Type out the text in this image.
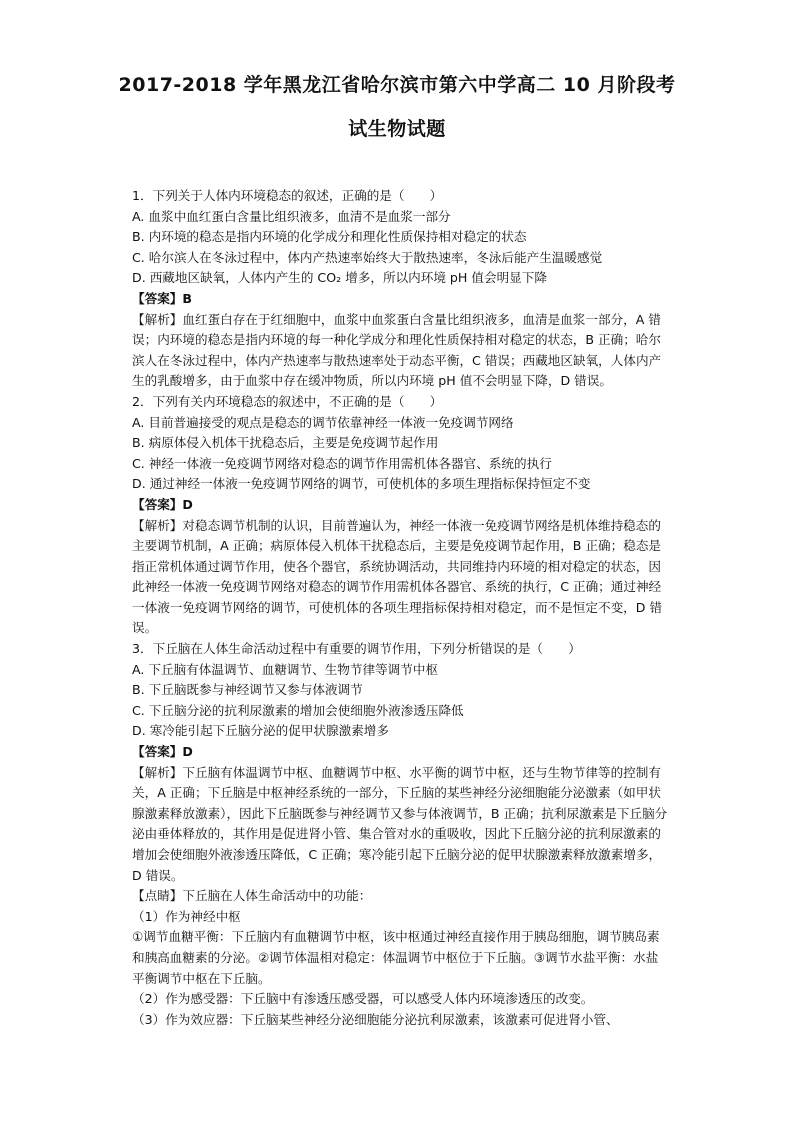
2017-2018 学年黑龙江省哈尔滨市第六中学高二 10 月阶段考
试生物试题

1．下列关于人体内环境稳态的叙述，正确的是（　　）

A. 血浆中血红蛋白含量比组织液多，血清不是血浆一部分

B. 内环境的稳态是指内环境的化学成分和理化性质保持相对稳定的状态

C. 哈尔滨人在冬泳过程中，体内产热速率始终大于散热速率，冬泳后能产生温暖感觉

D. 西藏地区缺氧，人体内产生的 CO₂ 增多，所以内环境 pH 值会明显下降

【答案】B

【解析】血红蛋白存在于红细胞中，血浆中血浆蛋白含量比组织液多，血清是血浆一部分，A 错误；内环境的稳态是指内环境的每一种化学成分和理化性质保持相对稳定的状态，B 正确；哈尔滨人在冬泳过程中，体内产热速率与散热速率处于动态平衡，C 错误；西藏地区缺氧，人体内产生的乳酸增多，由于血浆中存在缓冲物质，所以内环境 pH 值不会明显下降，D 错误。

2．下列有关内环境稳态的叙述中，不正确的是（　　）

A. 目前普遍接受的观点是稳态的调节依靠神经一体液一免疫调节网络

B. 病原体侵入机体干扰稳态后，主要是免疫调节起作用

C. 神经一体液一免疫调节网络对稳态的调节作用需机体各器官、系统的执行

D. 通过神经一体液一免疫调节网络的调节，可使机体的多项生理指标保持恒定不变

【答案】D

【解析】对稳态调节机制的认识，目前普遍认为，神经一体液一免疫调节网络是机体维持稳态的主要调节机制，A 正确；病原体侵入机体干扰稳态后，主要是免疫调节起作用，B 正确；稳态是指正常机体通过调节作用，使各个器官，系统协调活动，共同维持内环境的相对稳定的状态，因此神经一体液一免疫调节网络对稳态的调节作用需机体各器官、系统的执行，C 正确；通过神经一体液一免疫调节网络的调节，可使机体的各项生理指标保持相对稳定，而不是恒定不变，D 错误。

3．下丘脑在人体生命活动过程中有重要的调节作用，下列分析错误的是（　　）

A. 下丘脑有体温调节、血糖调节、生物节律等调节中枢

B. 下丘脑既参与神经调节又参与体液调节

C. 下丘脑分泌的抗利尿激素的增加会使细胞外液渗透压降低

D. 寒冷能引起下丘脑分泌的促甲状腺激素增多

【答案】D

【解析】下丘脑有体温调节中枢、血糖调节中枢、水平衡的调节中枢，还与生物节律等的控制有关，A 正确；下丘脑是中枢神经系统的一部分，下丘脑的某些神经分泌细胞能分泌激素（如甲状腺激素释放激素），因此下丘脑既参与神经调节又参与体液调节，B 正确；抗利尿激素是下丘脑分泌由垂体释放的，其作用是促进肾小管、集合管对水的重吸收，因此下丘脑分泌的抗利尿激素的增加会使细胞外液渗透压降低，C 正确；寒冷能引起下丘脑分泌的促甲状腺激素释放激素增多，D 错误。

【点睛】下丘脑在人体生命活动中的功能：

（1）作为神经中枢

①调节血糖平衡：下丘脑内有血糖调节中枢，该中枢通过神经直接作用于胰岛细胞，调节胰岛素和胰高血糖素的分泌。②调节体温相对稳定：体温调节中枢位于下丘脑。③调节水盐平衡：水盐平衡调节中枢在下丘脑。

（2）作为感受器：下丘脑中有渗透压感受器，可以感受人体内环境渗透压的改变。

（3）作为效应器：下丘脑某些神经分泌细胞能分泌抗利尿激素，该激素可促进肾小管、
